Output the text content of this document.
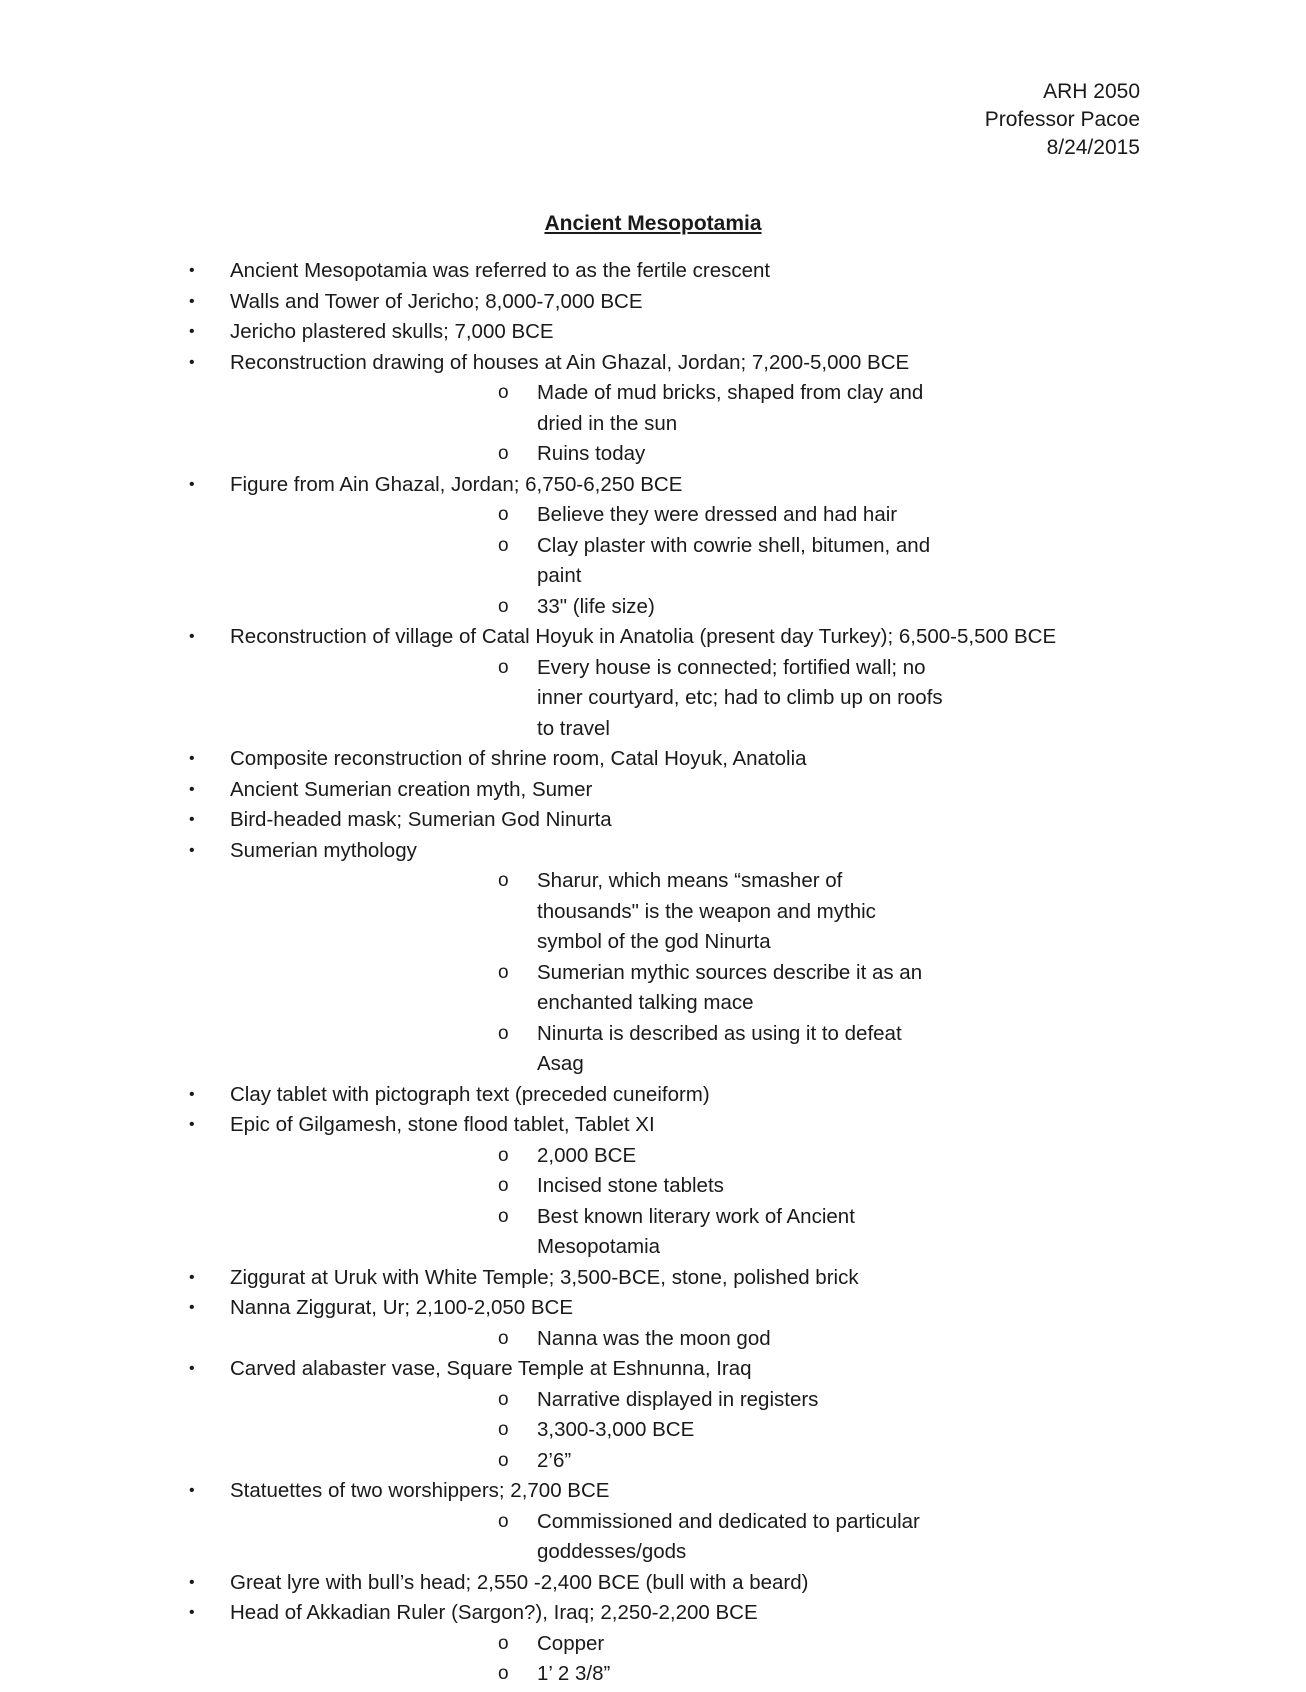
ARH 2050
Professor Pacoe
8/24/2015
Ancient Mesopotamia
• Ancient Mesopotamia was referred to as the fertile crescent
• Walls and Tower of Jericho; 8,000-7,000 BCE
• Jericho plastered skulls; 7,000 BCE
• Reconstruction drawing of houses at Ain Ghazal, Jordan; 7,200-5,000 BCE
o Made of mud bricks, shaped from clay and dried in the sun
o Ruins today
• Figure from Ain Ghazal, Jordan; 6,750-6,250 BCE
o Believe they were dressed and had hair
o Clay plaster with cowrie shell, bitumen, and paint
o 33" (life size)
• Reconstruction of village of Catal Hoyuk in Anatolia (present day Turkey); 6,500-5,500 BCE
o Every house is connected; fortified wall; no inner courtyard, etc; had to climb up on roofs to travel
• Composite reconstruction of shrine room, Catal Hoyuk, Anatolia
• Ancient Sumerian creation myth, Sumer
• Bird-headed mask; Sumerian God Ninurta
• Sumerian mythology
o Sharur, which means “smasher of thousands" is the weapon and mythic symbol of the god Ninurta
o Sumerian mythic sources describe it as an enchanted talking mace
o Ninurta is described as using it to defeat Asag
• Clay tablet with pictograph text (preceded cuneiform)
• Epic of Gilgamesh, stone flood tablet, Tablet XI
o 2,000 BCE
o Incised stone tablets
o Best known literary work of Ancient Mesopotamia
• Ziggurat at Uruk with White Temple; 3,500-BCE, stone, polished brick
• Nanna Ziggurat, Ur; 2,100-2,050 BCE
o Nanna was the moon god
• Carved alabaster vase, Square Temple at Eshnunna, Iraq
o Narrative displayed in registers
o 3,300-3,000 BCE
o 2’6”
• Statuettes of two worshippers; 2,700 BCE
o Commissioned and dedicated to particular goddesses/gods
• Great lyre with bull’s head; 2,550 -2,400 BCE (bull with a beard)
• Head of Akkadian Ruler (Sargon?), Iraq; 2,250-2,200 BCE
o Copper
o 1’ 2 3/8”
